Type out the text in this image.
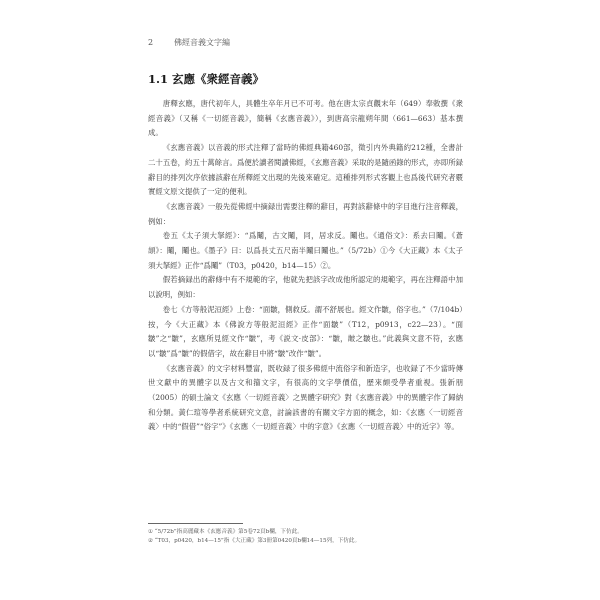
2	佛經音義文字編
1.1 玄應《衆經音義》

唐釋玄應，唐代初年人，具體生卒年月已不可考。他在唐太宗貞觀末年（649）奉敕撰《衆經音義》（又稱《一切經音義》，簡稱《玄應音義》），到唐高宗龍朔年間（661—663）基本撰成。

《玄應音義》以音義的形式注釋了當時的佛經典籍460部，徵引内外典籍約212種，全書計二十五卷，約五十萬餘言。爲便於讀者閱讀佛經，《玄應音義》采取的是隨函錄的形式，亦即所録辭目的排列次序依據該辭在所釋經文出現的先後來確定。這種排列形式客觀上也爲後代研究者覈實經文原文提供了一定的便利。

《玄應音義》一般先從佛經中摘録出需要注釋的辭目，再對該辭條中的字目進行注音釋義，例如：

卷五《太子須大拏經》：“爲鬮，古文鬮，同，居求反。鬮也。《通俗文》：系去曰鬮。《蒼頡》：鬮，鬮也。《墨子》曰：以爲長丈五尺南半鬮曰鬮也。”（5/72b）①今《大正藏》本《太子須大拏經》正作“爲鬮”（T03，p0420，b14—15）②。

假若摘録出的辭條中有不規範的字，他就先把該字改成他所認定的規範字，再在注釋語中加以說明，例如：

卷七《方等般泥洹經》上卷：“面皺，側救反。謂不舒展也。經文作皺，俗字也。”（7/104b）按，今《大正藏》本《佛說方等般泥洹經》正作“面皺”（T12，p0913，c22—23）。“面皺”之“皺”，玄應所見經文作“皺”，考《説文·皮部》：“皺，皵之皺也。”此義與文意不符，玄應以“皺”爲“皺”的假借字，故在辭目中將“皺”改作“皺”。

《玄應音義》的文字材料豐富，既收録了很多佛經中流俗字和新造字，也收録了不少當時傳世文獻中的異體字以及古文和籀文字，有很高的文字學價值，歷來頗受學者重視。張新朋（2005）的碩士論文《玄應〈一切經音義〉之異體字研究》對《玄應音義》中的異體字作了歸納和分類。黃仁瑄等學者系統研究文意，討論該書的有關文字方面的概念，如：《玄應〈一切經音義〉中的“假借”“俗字”》《玄應〈一切經音義〉中的字意》《玄應〈一切經音義〉中的近字》等。

① “5/72b”指高麗藏本《玄應音義》第5卷72頁b欄，下仿此。
② “T03，p0420，b14—15”指《大正藏》第3冊第0420頁b欄14—15列，下仿此。
